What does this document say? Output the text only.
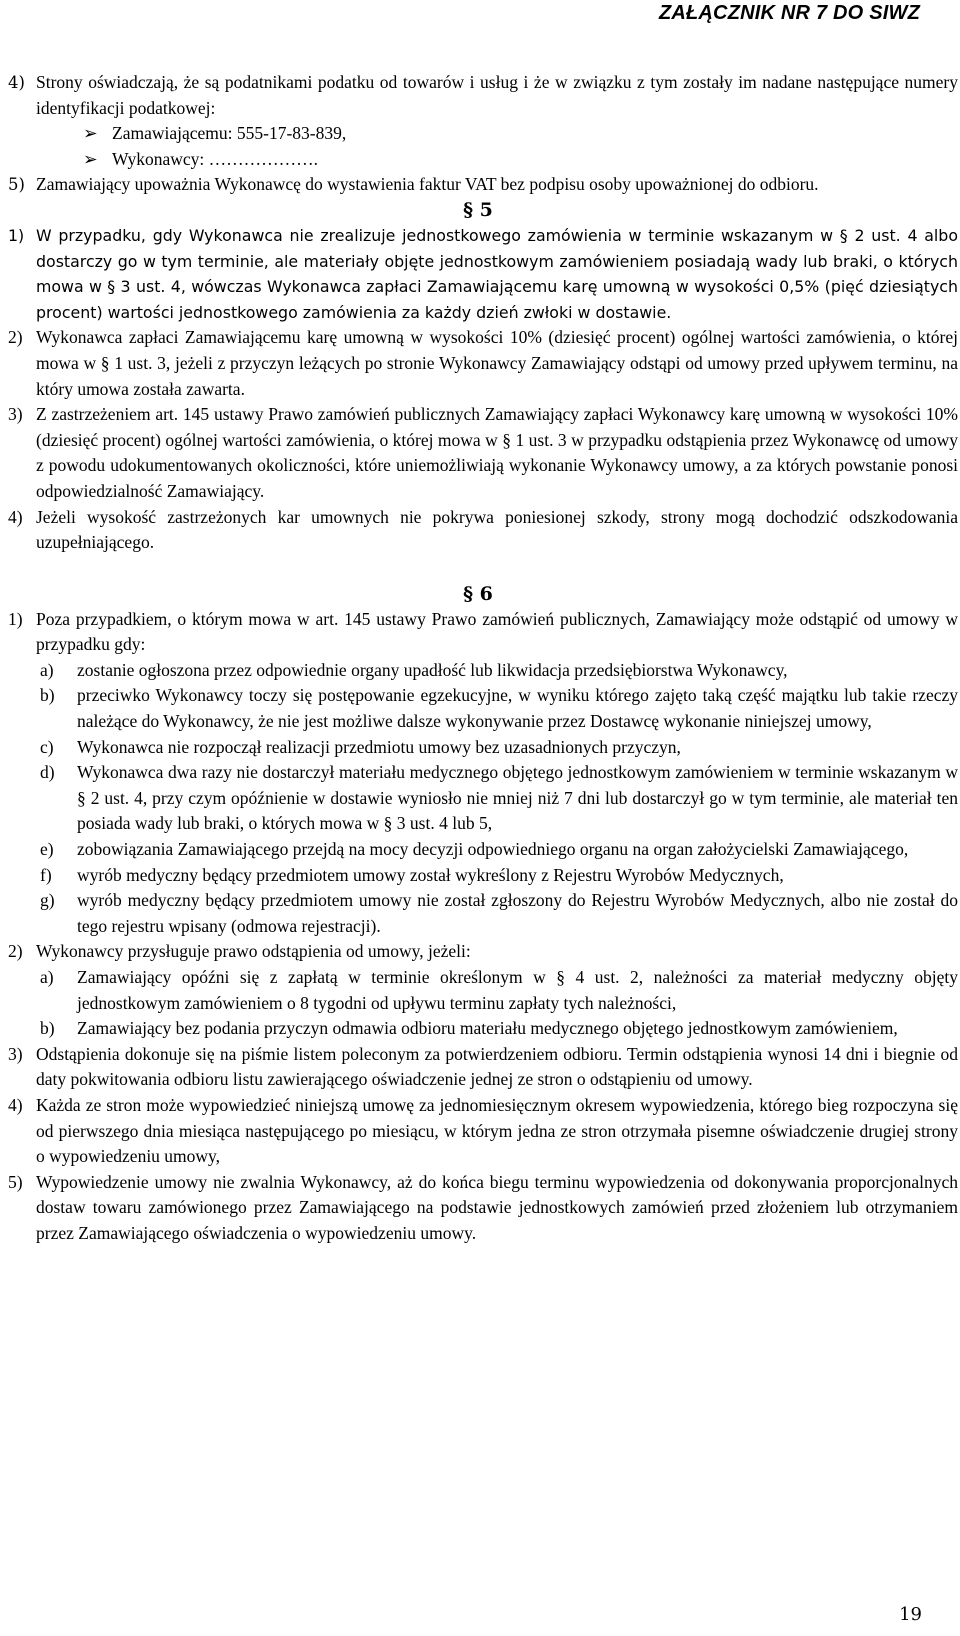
ZAŁĄCZNIK NR 7 DO SIWZ
4) Strony oświadczają, że są podatnikami podatku od towarów i usług i że w związku z tym zostały im nadane następujące numery identyfikacji podatkowej:
➢ Zamawiającemu: 555-17-83-839,
➢ Wykonawcy: ……………….
5) Zamawiający upoważnia Wykonawcę do wystawienia faktur VAT bez podpisu osoby upoważnionej do odbioru.
§ 5
1) W przypadku, gdy Wykonawca nie zrealizuje jednostkowego zamówienia w terminie wskazanym w § 2 ust. 4 albo dostarczy go w tym terminie, ale materiały objęte jednostkowym zamówieniem posiadają wady lub braki, o których mowa w § 3 ust. 4, wówczas Wykonawca zapłaci Zamawiającemu karę umowną w wysokości 0,5% (pięć dziesiątych procent) wartości jednostkowego zamówienia za każdy dzień zwłoki w dostawie.
2) Wykonawca zapłaci Zamawiającemu karę umowną w wysokości 10% (dziesięć procent) ogólnej wartości zamówienia, o której mowa w § 1 ust. 3, jeżeli z przyczyn leżących po stronie Wykonawcy Zamawiający odstąpi od umowy przed upływem terminu, na który umowa została zawarta.
3) Z zastrzeżeniem art. 145 ustawy Prawo zamówień publicznych Zamawiający zapłaci Wykonawcy karę umowną w wysokości 10% (dziesięć procent) ogólnej wartości zamówienia, o której mowa w § 1 ust. 3 w przypadku odstąpienia przez Wykonawcę od umowy z powodu udokumentowanych okoliczności, które uniemożliwiają wykonanie Wykonawcy umowy, a za których powstanie ponosi odpowiedzialność Zamawiający.
4) Jeżeli wysokość zastrzeżonych kar umownych nie pokrywa poniesionej szkody, strony mogą dochodzić odszkodowania uzupełniającego.
§ 6
1) Poza przypadkiem, o którym mowa w art. 145 ustawy Prawo zamówień publicznych, Zamawiający może odstąpić od umowy w przypadku gdy:
a)	zostanie ogłoszona przez odpowiednie organy upadłość lub likwidacja przedsiębiorstwa Wykonawcy,
b)	przeciwko Wykonawcy toczy się postępowanie egzekucyjne, w wyniku którego zajęto taką część majątku lub takie rzeczy należące do Wykonawcy, że nie jest możliwe dalsze wykonywanie przez Dostawcę wykonanie niniejszej umowy,
c)	Wykonawca nie rozpoczął realizacji przedmiotu umowy bez uzasadnionych przyczyn,
d)	Wykonawca dwa razy nie dostarczył materiału medycznego objętego jednostkowym zamówieniem w terminie wskazanym w § 2 ust. 4, przy czym opóźnienie w dostawie wyniosło nie mniej niż 7 dni lub dostarczył go w tym terminie, ale materiał ten posiada wady lub braki, o których mowa w § 3 ust. 4 lub 5,
e)	zobowiązania Zamawiającego przejdą na mocy decyzji odpowiedniego organu na organ założycielski Zamawiającego,
f)	wyrób medyczny będący przedmiotem umowy został wykreślony z Rejestru Wyrobów Medycznych,
g)	wyrób medyczny będący przedmiotem umowy nie został zgłoszony do Rejestru Wyrobów Medycznych, albo nie został do tego rejestru wpisany (odmowa rejestracji).
2) Wykonawcy przysługuje prawo odstąpienia od umowy, jeżeli:
a)	Zamawiający opóźni się z zapłatą w terminie określonym w § 4 ust. 2, należności za materiał medyczny objęty jednostkowym zamówieniem o 8 tygodni od upływu terminu zapłaty tych należności,
b)	Zamawiający bez podania przyczyn odmawia odbioru materiału medycznego objętego jednostkowym zamówieniem,
3) Odstąpienia dokonuje się na piśmie listem poleconym za potwierdzeniem odbioru. Termin odstąpienia wynosi 14 dni i biegnie od daty pokwitowania odbioru listu zawierającego oświadczenie jednej ze stron o odstąpieniu od umowy.
4) Każda ze stron może wypowiedzieć niniejszą umowę za jednomiesięcznym okresem wypowiedzenia, którego bieg rozpoczyna się od pierwszego dnia miesiąca następującego po miesiącu, w którym jedna ze stron otrzymała pisemne oświadczenie drugiej strony o wypowiedzeniu umowy,
5) Wypowiedzenie umowy nie zwalnia Wykonawcy, aż do końca biegu terminu wypowiedzenia od dokonywania proporcjonalnych dostaw towaru zamówionego przez Zamawiającego na podstawie jednostkowych zamówień przed złożeniem lub otrzymaniem przez Zamawiającego oświadczenia o wypowiedzeniu umowy.
19
